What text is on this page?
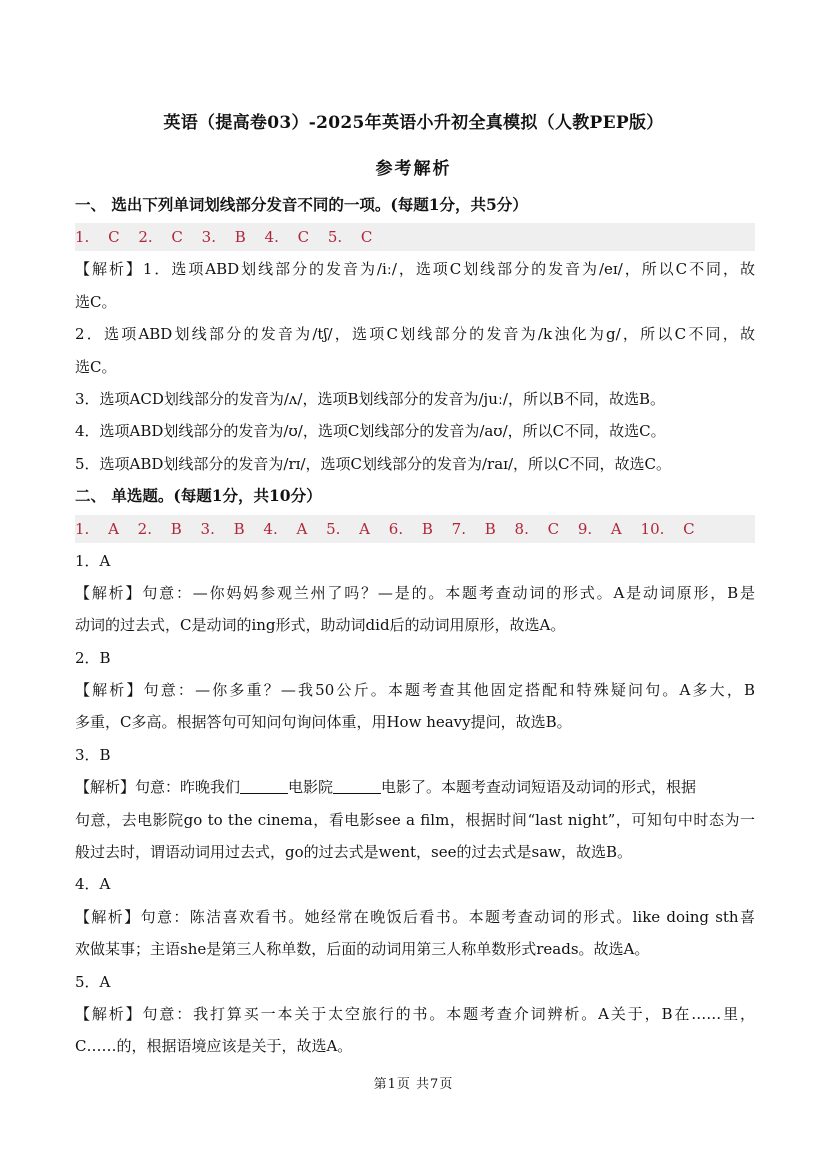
英语（提高卷03）-2025年英语小升初全真模拟（人教PEP版）
参考解析
一、 选出下列单词划线部分发音不同的一项。(每题1分，共5分）
1. C 2. C 3. B 4. C 5. C
【解析】1．选项ABD划线部分的发音为/iː/，选项C划线部分的发音为/eɪ/，所以C不同，故
选C。
2．选项ABD划线部分的发音为/tʃ/，选项C划线部分的发音为/k浊化为g/，所以C不同，故
选C。
3．选项ACD划线部分的发音为/ʌ/，选项B划线部分的发音为/juː/，所以B不同，故选B。
4．选项ABD划线部分的发音为/ʊ/，选项C划线部分的发音为/aʊ/，所以C不同，故选C。
5．选项ABD划线部分的发音为/rɪ/，选项C划线部分的发音为/raɪ/，所以C不同，故选C。
二、 单选题。(每题1分，共10分）
1. A 2. B 3. B 4. A 5. A 6. B 7. B 8. C 9. A 10. C
1．A
【解析】句意：—你妈妈参观兰州了吗？—是的。本题考查动词的形式。A是动词原形，B是
动词的过去式，C是动词的ing形式，助动词did后的动词用原形，故选A。
2．B
【解析】句意：—你多重？—我50公斤。本题考查其他固定搭配和特殊疑问句。A多大，B
多重，C多高。根据答句可知问句询问体重，用How heavy提问，故选B。
3．B
【解析】句意：昨晚我们	电影院	电影了。本题考查动词短语及动词的形式，根据
句意，去电影院go to the cinema，看电影see a film，根据时间“last night”，可知句中时态为一
般过去时，谓语动词用过去式，go的过去式是went，see的过去式是saw，故选B。
4．A
【解析】句意：陈洁喜欢看书。她经常在晚饭后看书。本题考查动词的形式。like doing sth喜
欢做某事；主语she是第三人称单数，后面的动词用第三人称单数形式reads。故选A。
5．A
【解析】句意：我打算买一本关于太空旅行的书。本题考查介词辨析。A关于，B在……里，
C……的，根据语境应该是关于，故选A。
第1页 共7页
